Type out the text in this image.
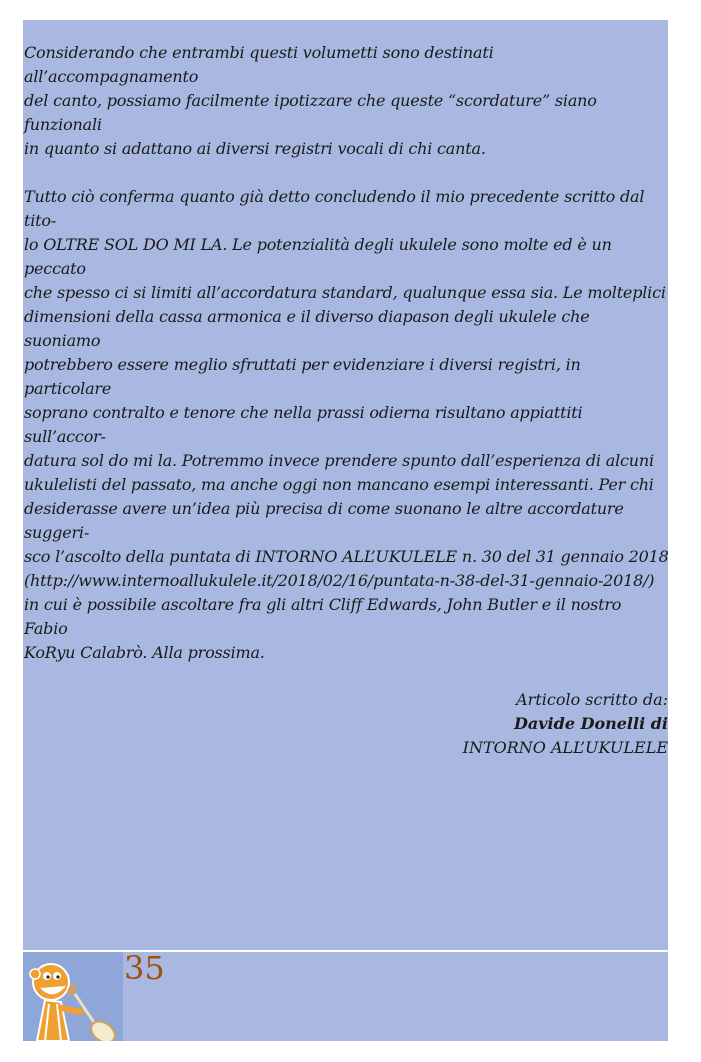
Considerando che entrambi questi volumetti sono destinati all’accompagnamento
del canto, possiamo facilmente ipotizzare che queste “scordature” siano funzionali
in quanto si adattano ai diversi registri vocali di chi canta.

Tutto ciò conferma quanto già detto concludendo il mio precedente scritto dal tito-
lo OLTRE SOL DO MI LA. Le potenzialità degli ukulele sono molte ed è un peccato
che spesso ci si limiti all’accordatura standard, qualunque essa sia. Le molteplici
dimensioni della cassa armonica e il diverso diapason degli ukulele che suoniamo
potrebbero essere meglio sfruttati per evidenziare i diversi registri, in particolare
soprano contralto e tenore che nella prassi odierna risultano appiattiti sull’accor-
datura sol do mi la. Potremmo invece prendere spunto dall’esperienza di alcuni
ukulelisti del passato, ma anche oggi non mancano esempi interessanti. Per chi
desiderasse avere un’idea più precisa di come suonano le altre accordature suggeri-
sco l’ascolto della puntata di INTORNO ALL’UKULELE n. 30 del 31 gennaio 2018
(http://www.internoallukulele.it/2018/02/16/puntata-n-38-del-31-gennaio-2018/)
in cui è possibile ascoltare fra gli altri Cliff Edwards, John Butler e il nostro Fabio
KoRyu Calabrò. Alla prossima.

Articolo scritto da:
Davide Donelli di
INTORNO ALL’UKULELE
35
